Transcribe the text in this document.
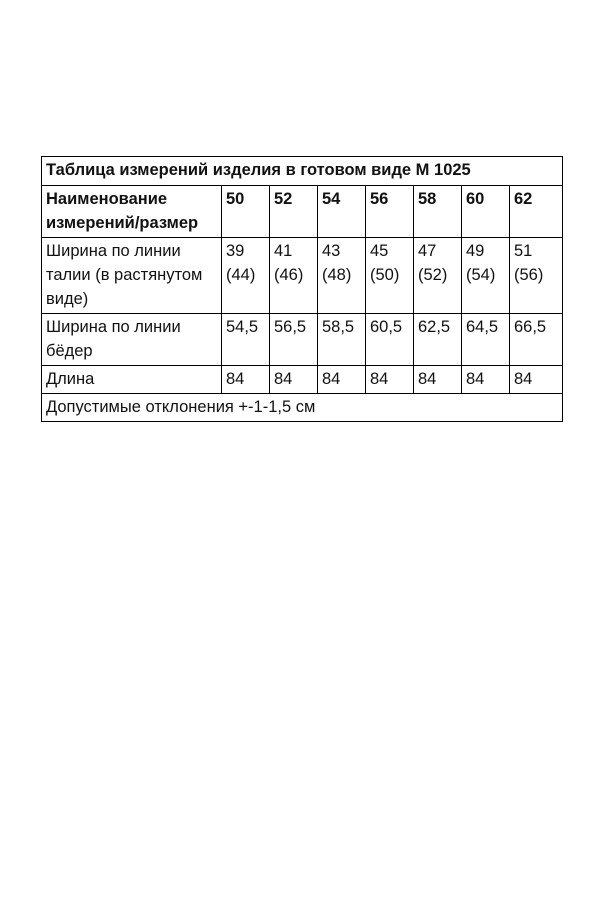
Таблица измерений изделия в готовом виде М 1025							
Наименование измерений/размер	50	52	54	56	58	60	62
Ширина по линии талии (в растянутом виде)	39 (44)	41 (46)	43 (48)	45 (50)	47 (52)	49 (54)	51 (56)
Ширина по линии бёдер	54,5	56,5	58,5	60,5	62,5	64,5	66,5
Длина	84	84	84	84	84	84	84
Допустимые отклонения +-1-1,5 см							
